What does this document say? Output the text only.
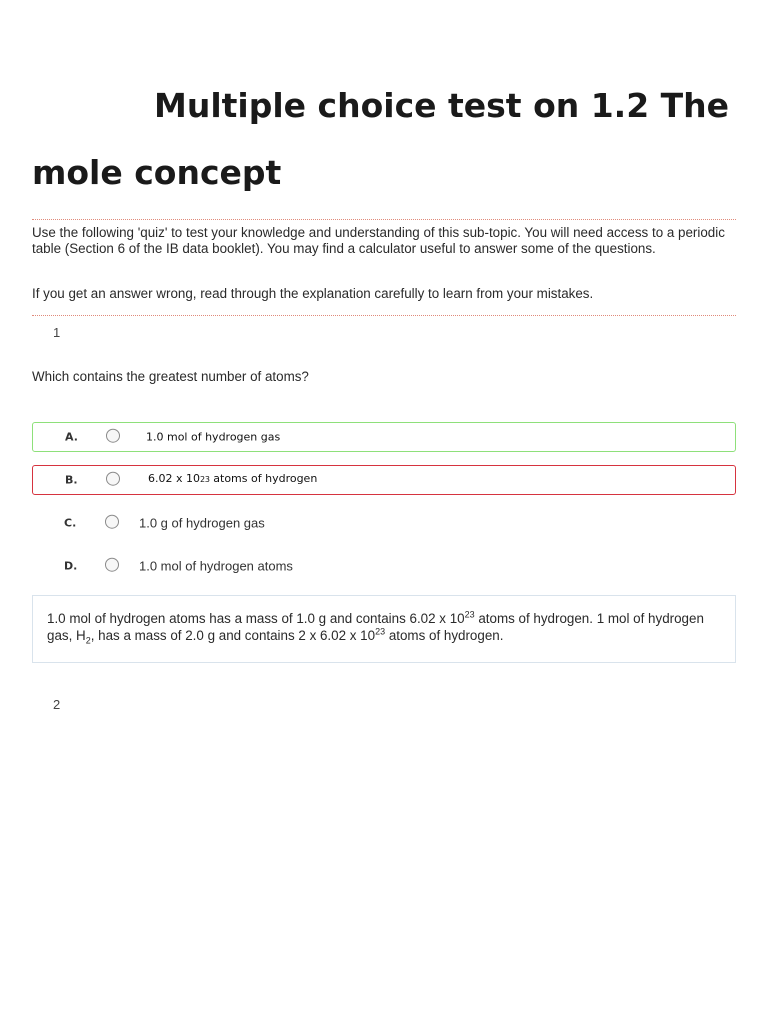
Multiple choice test on 1.2 The mole concept

Use the following 'quiz' to test your knowledge and understanding of this sub-topic. You will need access to a periodic table (Section 6 of the IB data booklet). You may find a calculator useful to answer some of the questions.

If you get an answer wrong, read through the explanation carefully to learn from your mistakes.

1
Which contains the greatest number of atoms?
A.	1.0 mol of hydrogen gas
B.	6.02 x 1023 atoms of hydrogen
C.	1.0 g of hydrogen gas
D.	1.0 mol of hydrogen atoms
1.0 mol of hydrogen atoms has a mass of 1.0 g and contains 6.02 x $10^{23}$ atoms of hydrogen. 1 mol of hydrogen gas, $H_2$, has a mass of 2.0 g and contains 2 x 6.02 x $10^{23}$ atoms of hydrogen.
2
